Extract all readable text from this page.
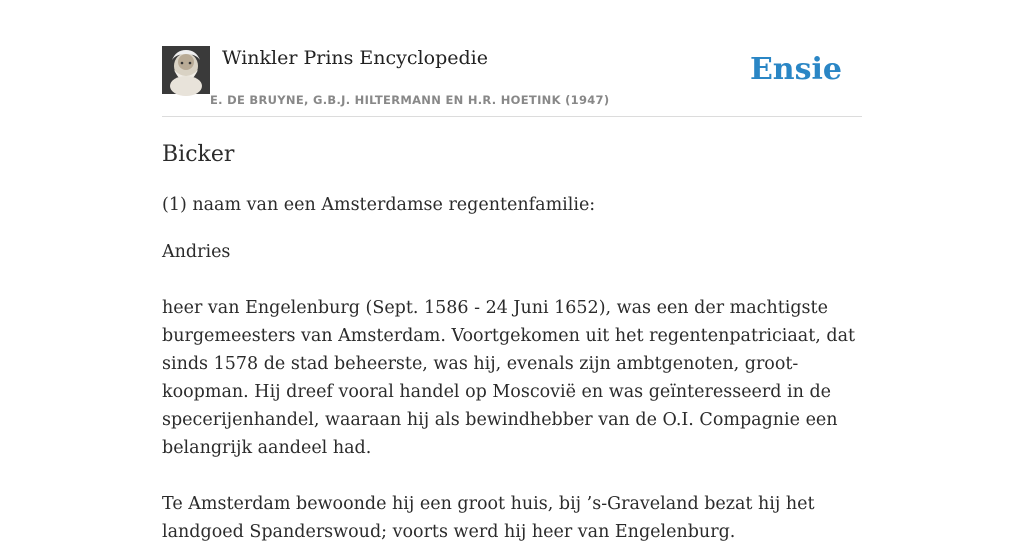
Winkler Prins Encyclopedie
E. DE BRUYNE, G.B.J. HILTERMANN EN H.R. HOETINK (1947)
Ensie
Bicker

(1) naam van een Amsterdamse regentenfamilie:

Andries

heer van Engelenburg (Sept. 1586 - 24 Juni 1652), was een der machtigste burgemeesters van Amsterdam. Voortgekomen uit het regentenpatriciaat, dat sinds 1578 de stad beheerste, was hij, evenals zijn ambtgenoten, groot-koopman. Hij dreef vooral handel op Moscovië en was geïnteresseerd in de specerijenhandel, waaraan hij als bewindhebber van de O.I. Compagnie een belangrijk aandeel had.

Te Amsterdam bewoonde hij een groot huis, bij ’s-Graveland bezat hij het landgoed Spanderswoud; voorts werd hij heer van Engelenburg.
